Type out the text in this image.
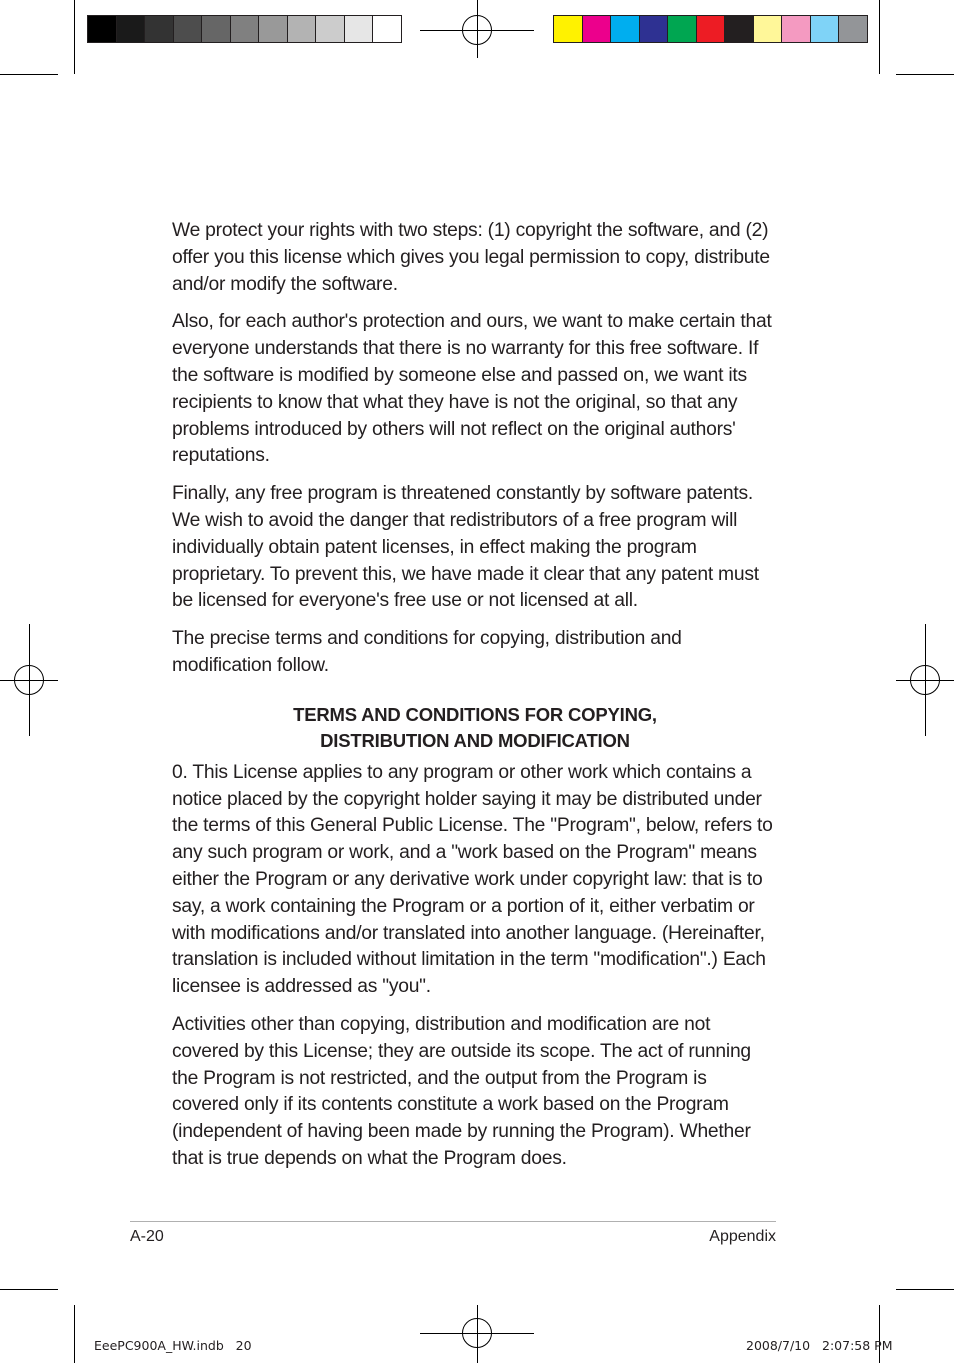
We protect your rights with two steps: (1) copyright the software, and (2) offer you this license which gives you legal permission to copy, distribute and/or modify the software.

Also, for each author's protection and ours, we want to make certain that everyone understands that there is no warranty for this free software. If the software is modified by someone else and passed on, we want its recipients to know that what they have is not the original, so that any problems introduced by others will not reflect on the original authors' reputations.

Finally, any free program is threatened constantly by software patents. We wish to avoid the danger that redistributors of a free program will individually obtain patent licenses, in effect making the program proprietary. To prevent this, we have made it clear that any patent must be licensed for everyone's free use or not licensed at all.

The precise terms and conditions for copying, distribution and modification follow.

TERMS AND CONDITIONS FOR COPYING,
DISTRIBUTION AND MODIFICATION

0. This License applies to any program or other work which contains a notice placed by the copyright holder saying it may be distributed under the terms of this General Public License. The "Program", below, refers to any such program or work, and a "work based on the Program" means either the Program or any derivative work under copyright law: that is to say, a work containing the Program or a portion of it, either verbatim or with modifications and/or translated into another language. (Hereinafter, translation is included without limitation in the term "modification".) Each licensee is addressed as "you".

Activities other than copying, distribution and modification are not covered by this License; they are outside its scope. The act of running the Program is not restricted, and the output from the Program is covered only if its contents constitute a work based on the Program (independent of having been made by running the Program). Whether that is true depends on what the Program does.

A-20	Appendix
EeePC900A_HW.indb   20	2008/7/10   2:07:58 PM
